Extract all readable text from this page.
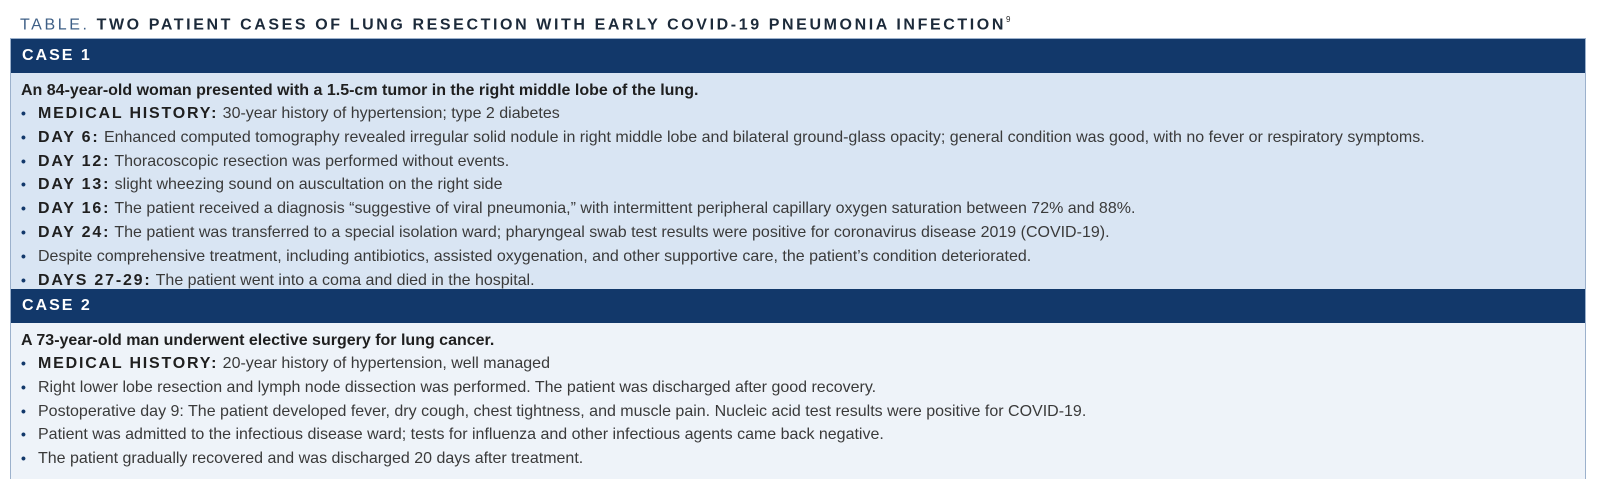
TABLE. TWO PATIENT CASES OF LUNG RESECTION WITH EARLY COVID-19 PNEUMONIA INFECTION$^9$
CASE 1
An 84-year-old woman presented with a 1.5-cm tumor in the right middle lobe of the lung.
• MEDICAL HISTORY: 30-year history of hypertension; type 2 diabetes
• DAY 6: Enhanced computed tomography revealed irregular solid nodule in right middle lobe and bilateral ground-glass opacity; general condition was good, with no fever or respiratory symptoms.
• DAY 12: Thoracoscopic resection was performed without events.
• DAY 13: slight wheezing sound on auscultation on the right side
• DAY 16: The patient received a diagnosis “suggestive of viral pneumonia,” with intermittent peripheral capillary oxygen saturation between 72% and 88%.
• DAY 24: The patient was transferred to a special isolation ward; pharyngeal swab test results were positive for coronavirus disease 2019 (COVID-19).
• Despite comprehensive treatment, including antibiotics, assisted oxygenation, and other supportive care, the patient’s condition deteriorated.
• DAYS 27-29: The patient went into a coma and died in the hospital.
CASE 2
A 73-year-old man underwent elective surgery for lung cancer.
• MEDICAL HISTORY: 20-year history of hypertension, well managed
• Right lower lobe resection and lymph node dissection was performed. The patient was discharged after good recovery.
• Postoperative day 9: The patient developed fever, dry cough, chest tightness, and muscle pain. Nucleic acid test results were positive for COVID-19.
• Patient was admitted to the infectious disease ward; tests for influenza and other infectious agents came back negative.
• The patient gradually recovered and was discharged 20 days after treatment.
